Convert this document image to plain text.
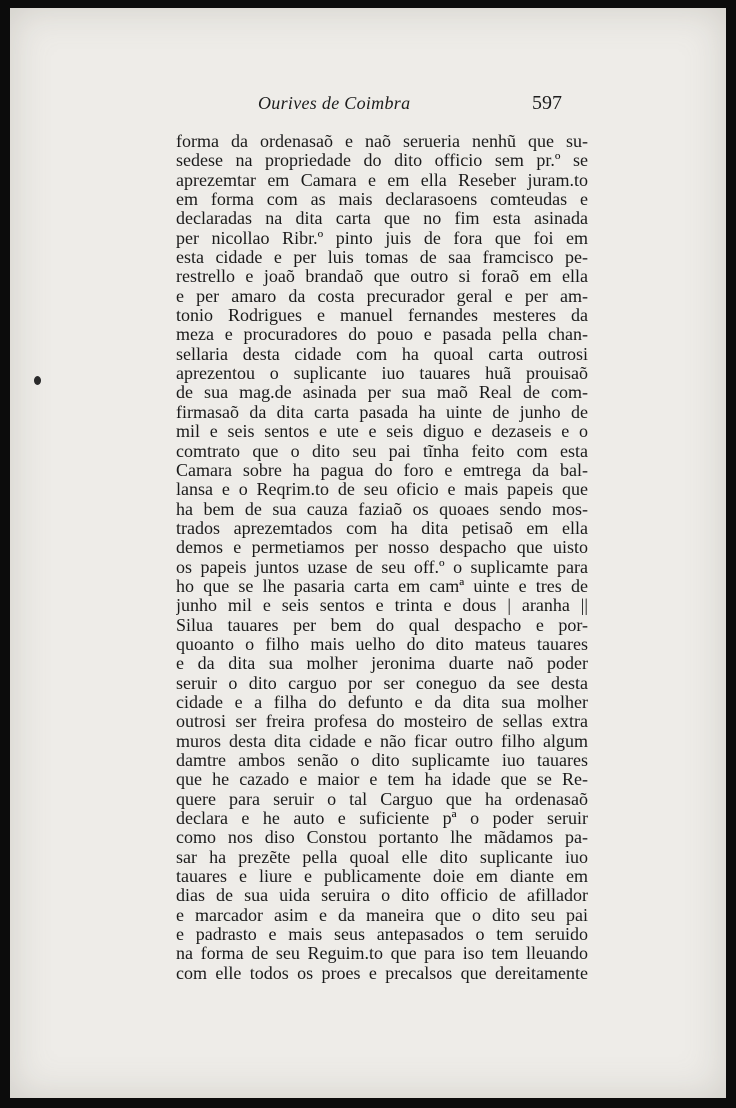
Ourives de Coimbra	597
forma da ordenasaõ e naõ serueria nenhũ que su-
sedese na propriedade do dito officio sem pr.º se
aprezemtar em Camara e em ella Reseber juram.to
em forma com as mais declarasoens comteudas e
declaradas na dita carta que no fim esta asinada
per nicollao Ribr.º pinto juis de fora que foi em
esta cidade e per luis tomas de saa framcisco pe-
restrello e joaõ brandaõ que outro si foraõ em ella
e per amaro da costa precurador geral e per am-
tonio Rodrigues e manuel fernandes mesteres da
meza e procuradores do pouo e pasada pella chan-
sellaria desta cidade com ha quoal carta outrosi
aprezentou o suplicante iuo tauares huã prouisaõ
de sua mag.de asinada per sua maõ Real de com-
firmasaõ da dita carta pasada ha uinte de junho de
mil e seis sentos e ute e seis diguo e dezaseis e o
comtrato que o dito seu pai tĩnha feito com esta
Camara sobre ha pagua do foro e emtrega da bal-
lansa e o Reqrim.to de seu oficio e mais papeis que
ha bem de sua cauza faziaõ os quoaes sendo mos-
trados aprezemtados com ha dita petisaõ em ella
demos e permetiamos per nosso despacho que uisto
os papeis juntos uzase de seu off.º o suplicamte para
ho que se lhe pasaria carta em camª uinte e tres de
junho mil e seis sentos e trinta e dous | aranha ||
Silua tauares per bem do qual despacho e por-
quoanto o filho mais uelho do dito mateus tauares
e da dita sua molher jeronima duarte naõ poder
seruir o dito carguo por ser coneguo da see desta
cidade e a filha do defunto e da dita sua molher
outrosi ser freira profesa do mosteiro de sellas extra
muros desta dita cidade e não ficar outro filho algum
damtre ambos senão o dito suplicamte iuo tauares
que he cazado e maior e tem ha idade que se Re-
quere para seruir o tal Carguo que ha ordenasaõ
declara e he auto e suficiente pª o poder seruir
como nos diso Constou portanto lhe mãdamos pa-
sar ha prezẽte pella quoal elle dito suplicante iuo
tauares e liure e publicamente doie em diante em
dias de sua uida seruira o dito officio de afillador
e marcador asim e da maneira que o dito seu pai
e padrasto e mais seus antepasados o tem seruido
na forma de seu Reguim.to que para iso tem lleuando
com elle todos os proes e precalsos que dereitamente
